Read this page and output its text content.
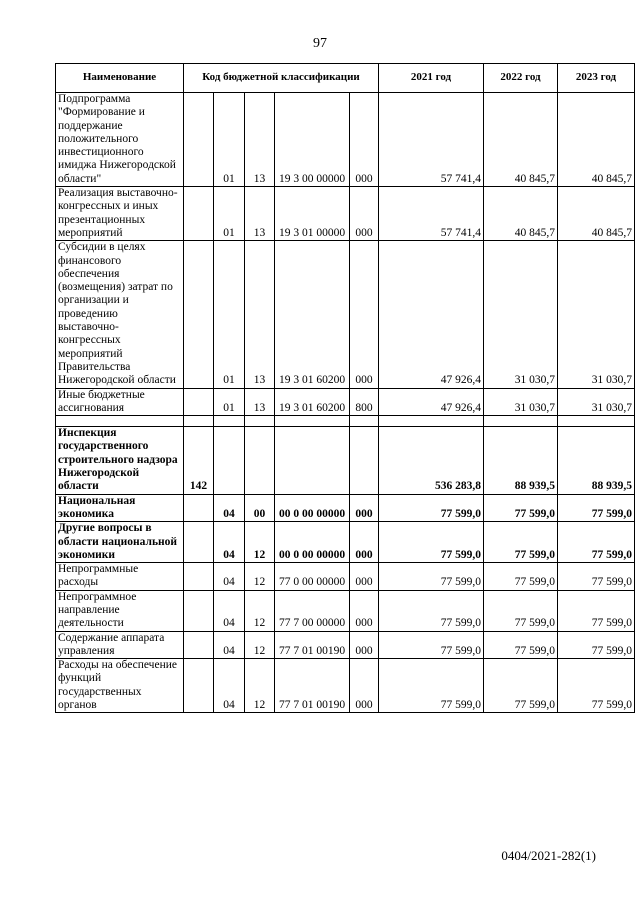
97
Наименование	Код бюджетной классификации					2021 год	2022 год	2023 год
Подпрограмма "Формирование и поддержание положительного инвестиционного имиджа Нижегородской области"		01	13	19 3 00 00000	000	57 741,4	40 845,7	40 845,7
Реализация выставочно-конгрессных и иных презентационных мероприятий		01	13	19 3 01 00000	000	57 741,4	40 845,7	40 845,7
Субсидии в целях финансового обеспечения (возмещения) затрат по организации и проведению выставочно-конгрессных мероприятий Правительства Нижегородской области		01	13	19 3 01 60200	000	47 926,4	31 030,7	31 030,7
Иные бюджетные ассигнования		01	13	19 3 01 60200	800	47 926,4	31 030,7	31 030,7

Инспекция государственного строительного надзора Нижегородской области	142					536 283,8	88 939,5	88 939,5
Национальная экономика		04	00	00 0 00 00000	000	77 599,0	77 599,0	77 599,0
Другие вопросы в области национальной экономики		04	12	00 0 00 00000	000	77 599,0	77 599,0	77 599,0
Непрограммные расходы		04	12	77 0 00 00000	000	77 599,0	77 599,0	77 599,0
Непрограммное направление деятельности		04	12	77 7 00 00000	000	77 599,0	77 599,0	77 599,0
Содержание аппарата управления		04	12	77 7 01 00190	000	77 599,0	77 599,0	77 599,0
Расходы на обеспечение функций государственных органов		04	12	77 7 01 00190	000	77 599,0	77 599,0	77 599,0
0404/2021-282(1)
